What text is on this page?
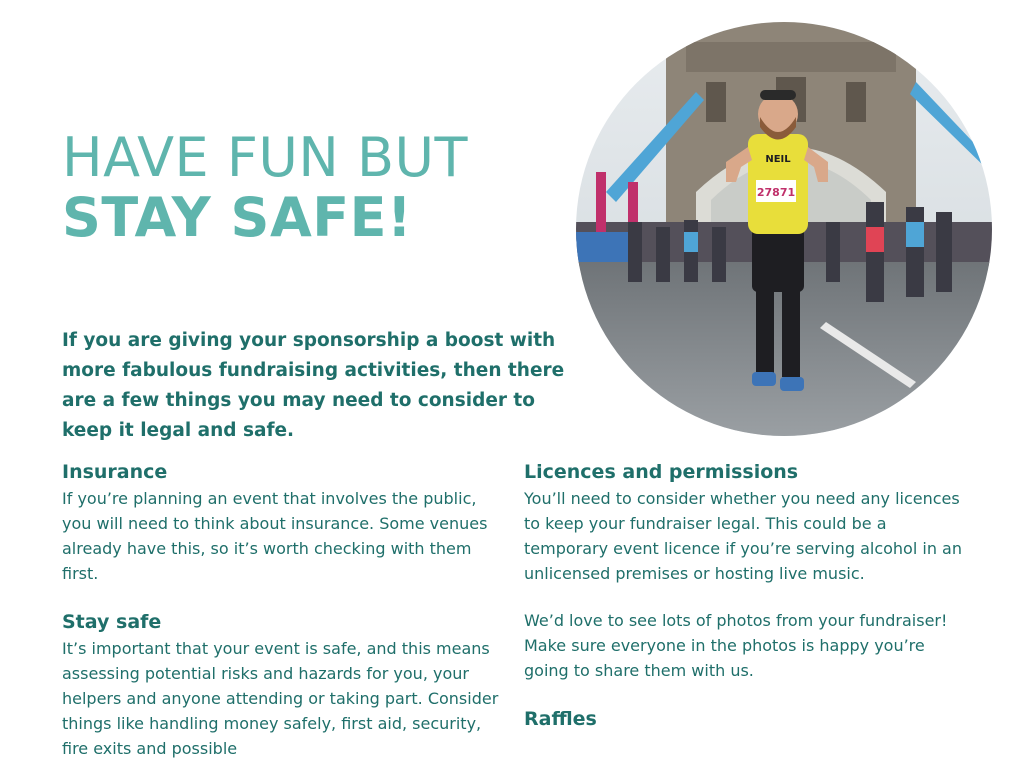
HAVE FUN BUT
STAY SAFE!	27871
NEIL

If you are giving your sponsorship a boost with more fabulous fundraising activities, then there are a few things you may need to consider to keep it legal and safe.

Insurance

If you’re planning an event that involves the public, you will need to think about insurance. Some venues already have this, so it’s worth checking with them first.

Stay safe

It’s important that your event is safe, and this means assessing potential risks and hazards for you, your helpers and anyone attending or taking part. Consider things like handling money safely, first aid, security, fire exits and possible

Licences and permissions

You’ll need to consider whether you need any licences to keep your fundraiser legal. This could be a temporary event licence if you’re serving alcohol in an unlicensed premises or hosting live music.

We’d love to see lots of photos from your fundraiser! Make sure everyone in the photos is happy you’re going to share them with us.

Raffles
